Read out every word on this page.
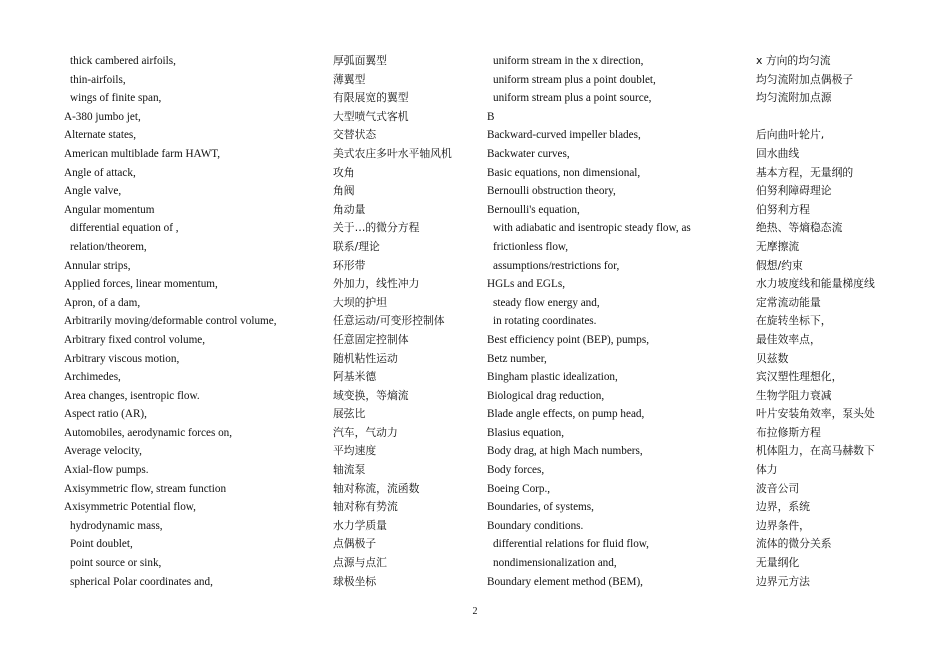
thick cambered airfoils,
thin-airfoils,
wings of finite span,
A-380 jumbo jet,
Alternate states,
American multiblade farm HAWT,
Angle of attack,
Angle valve,
Angular momentum
differential equation of ,
relation/theorem,
Annular strips,
Applied forces, linear momentum,
Apron, of a dam,
Arbitrarily moving/deformable control volume,
Arbitrary fixed control volume,
Arbitrary viscous motion,
Archimedes,
Area changes, isentropic flow.
Aspect ratio (AR),
Automobiles, aerodynamic forces on,
Average velocity,
Axial-flow pumps.
Axisymmetric flow, stream function
Axisymmetric Potential flow,
hydrodynamic mass,
Point doublet,
point source or sink,
spherical Polar coordinates and,
厚弧面翼型
薄翼型
有限展宽的翼型
大型喷气式客机
交替状态
美式农庄多叶水平轴风机
攻角
角阀
角动量
关于…的微分方程
联系/理论
环形带
外加力，线性冲力
大坝的护坦
任意运动/可变形控制体
任意固定控制体
随机粘性运动
阿基米德
域变换，等熵流
展弦比
汽车，气动力
平均速度
轴流泵
轴对称流，流函数
轴对称有势流
水力学质量
点偶极子
点源与点汇
球极坐标
uniform stream in the x direction,
uniform stream plus a point doublet,
uniform stream plus a point source,
B
Backward-curved impeller blades,
Backwater curves,
Basic equations, non dimensional,
Bernoulli obstruction theory,
Bernoulli's equation,
with adiabatic and isentropic steady flow, as
frictionless flow,
assumptions/restrictions for,
HGLs and EGLs,
steady flow energy and,
in rotating coordinates.
Best efficiency point (BEP), pumps,
Betz number,
Bingham plastic idealization,
Biological drag reduction,
Blade angle effects, on pump head,
Blasius equation,
Body drag, at high Mach numbers,
Body forces,
Boeing Corp.,
Boundaries, of systems,
Boundary conditions.
differential relations for fluid flow,
nondimensionalization and,
Boundary element method (BEM),
x 方向的均匀流
均匀流附加点偶极子
均匀流附加点源
后向曲叶轮片,
回水曲线
基本方程，无量纲的
伯努利障碍理论
伯努利方程
绝热、等熵稳态流
无摩擦流
假想/约束
水力坡度线和能量梯度线
定常流动能量
在旋转坐标下，
最佳效率点，
贝兹数
宾汉塑性理想化，
生物学阻力衰减
叶片安装角效率，泵头处
布拉修斯方程
机体阻力，在高马赫数下
体力
波音公司
边界，系统
边界条件，
流体的微分关系
无量纲化
边界元方法
2
